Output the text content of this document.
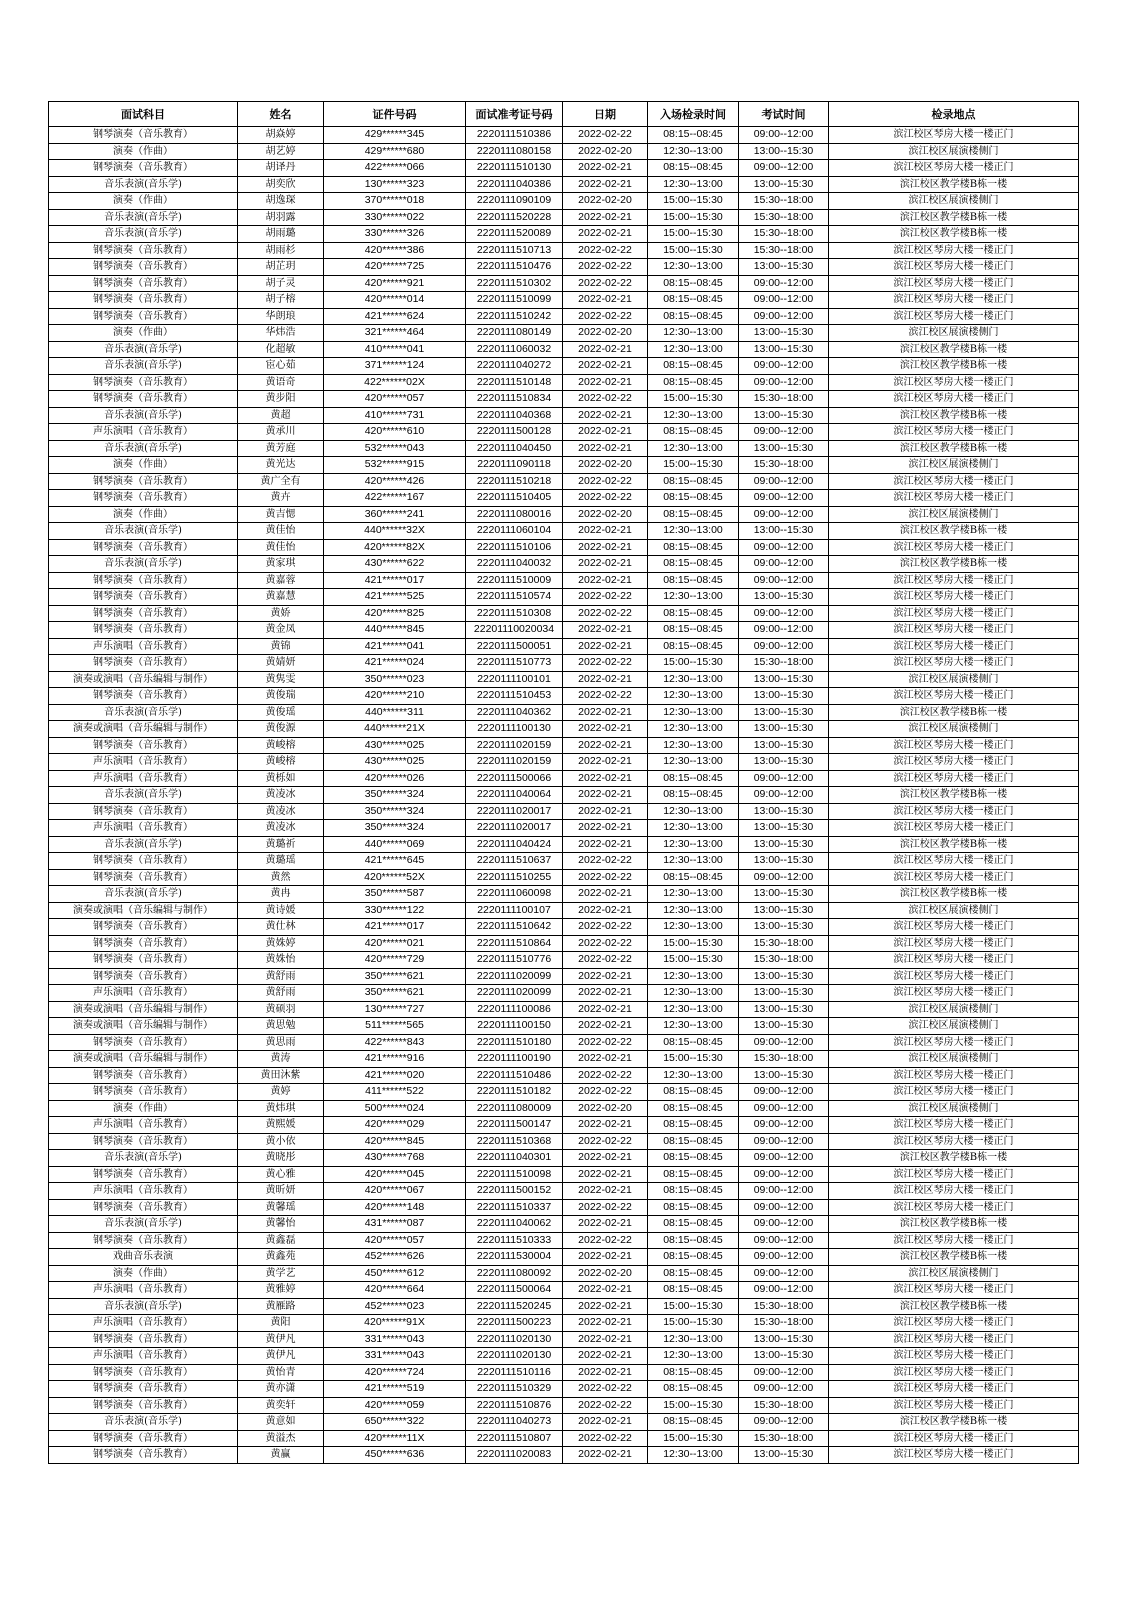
面试科目	姓名	证件号码	面试准考证号码	日期	入场检录时间	考试时间	检录地点
钢琴演奏（音乐教育）	胡焱婷	429******345	2220111510386	2022-02-22	08:15--08:45	09:00--12:00	滨江校区琴房大楼一楼正门
演奏（作曲）	胡艺婷	429******680	2220111080158	2022-02-20	12:30--13:00	13:00--15:30	滨江校区展演楼侧门
钢琴演奏（音乐教育）	胡译丹	422******066	2220111510130	2022-02-21	08:15--08:45	09:00--12:00	滨江校区琴房大楼一楼正门
音乐表演(音乐学)	胡奕欣	130******323	2220111040386	2022-02-21	12:30--13:00	13:00--15:30	滨江校区教学楼B栋一楼
演奏（作曲）	胡逸琛	370******018	2220111090109	2022-02-20	15:00--15:30	15:30--18:00	滨江校区展演楼侧门
音乐表演(音乐学)	胡羽露	330******022	2220111520228	2022-02-21	15:00--15:30	15:30--18:00	滨江校区教学楼B栋一楼
音乐表演(音乐学)	胡雨璐	330******326	2220111520089	2022-02-21	15:00--15:30	15:30--18:00	滨江校区教学楼B栋一楼
钢琴演奏（音乐教育）	胡雨杉	420******386	2220111510713	2022-02-22	15:00--15:30	15:30--18:00	滨江校区琴房大楼一楼正门
钢琴演奏（音乐教育）	胡芷玥	420******725	2220111510476	2022-02-22	12:30--13:00	13:00--15:30	滨江校区琴房大楼一楼正门
钢琴演奏（音乐教育）	胡子灵	420******921	2220111510302	2022-02-22	08:15--08:45	09:00--12:00	滨江校区琴房大楼一楼正门
钢琴演奏（音乐教育）	胡子榕	420******014	2220111510099	2022-02-21	08:15--08:45	09:00--12:00	滨江校区琴房大楼一楼正门
钢琴演奏（音乐教育）	华朗琅	421******624	2220111510242	2022-02-22	08:15--08:45	09:00--12:00	滨江校区琴房大楼一楼正门
演奏（作曲）	华炜浩	321******464	2220111080149	2022-02-20	12:30--13:00	13:00--15:30	滨江校区展演楼侧门
音乐表演(音乐学)	化超敏	410******041	2220111060032	2022-02-21	12:30--13:00	13:00--15:30	滨江校区教学楼B栋一楼
音乐表演(音乐学)	宦心茹	371******124	2220111040272	2022-02-21	08:15--08:45	09:00--12:00	滨江校区教学楼B栋一楼
钢琴演奏（音乐教育）	黄语奇	422******02X	2220111510148	2022-02-21	08:15--08:45	09:00--12:00	滨江校区琴房大楼一楼正门
钢琴演奏（音乐教育）	黄步阳	420******057	2220111510834	2022-02-22	15:00--15:30	15:30--18:00	滨江校区琴房大楼一楼正门
音乐表演(音乐学)	黄超	410******731	2220111040368	2022-02-21	12:30--13:00	13:00--15:30	滨江校区教学楼B栋一楼
声乐演唱（音乐教育）	黄承川	420******610	2220111500128	2022-02-21	08:15--08:45	09:00--12:00	滨江校区琴房大楼一楼正门
音乐表演(音乐学)	黄芳庭	532******043	2220111040450	2022-02-21	12:30--13:00	13:00--15:30	滨江校区教学楼B栋一楼
演奏（作曲）	黄光达	532******915	2220111090118	2022-02-20	15:00--15:30	15:30--18:00	滨江校区展演楼侧门
钢琴演奏（音乐教育）	黄广全有	420******426	2220111510218	2022-02-22	08:15--08:45	09:00--12:00	滨江校区琴房大楼一楼正门
钢琴演奏（音乐教育）	黄卉	422******167	2220111510405	2022-02-22	08:15--08:45	09:00--12:00	滨江校区琴房大楼一楼正门
演奏（作曲）	黄吉愢	360******241	2220111080016	2022-02-20	08:15--08:45	09:00--12:00	滨江校区展演楼侧门
音乐表演(音乐学)	黄佳怡	440******32X	2220111060104	2022-02-21	12:30--13:00	13:00--15:30	滨江校区教学楼B栋一楼
钢琴演奏（音乐教育）	黄佳怡	420******82X	2220111510106	2022-02-21	08:15--08:45	09:00--12:00	滨江校区琴房大楼一楼正门
音乐表演(音乐学)	黄家琪	430******622	2220111040032	2022-02-21	08:15--08:45	09:00--12:00	滨江校区教学楼B栋一楼
钢琴演奏（音乐教育）	黄嘉蓉	421******017	2220111510009	2022-02-21	08:15--08:45	09:00--12:00	滨江校区琴房大楼一楼正门
钢琴演奏（音乐教育）	黄嘉慧	421******525	2220111510574	2022-02-22	12:30--13:00	13:00--15:30	滨江校区琴房大楼一楼正门
钢琴演奏（音乐教育）	黄娇	420******825	2220111510308	2022-02-22	08:15--08:45	09:00--12:00	滨江校区琴房大楼一楼正门
钢琴演奏（音乐教育）	黄金凤	440******845	22201110020034	2022-02-21	08:15--08:45	09:00--12:00	滨江校区琴房大楼一楼正门
声乐演唱（音乐教育）	黄锦	421******041	2220111500051	2022-02-21	08:15--08:45	09:00--12:00	滨江校区琴房大楼一楼正门
钢琴演奏（音乐教育）	黄婧妍	421******024	2220111510773	2022-02-22	15:00--15:30	15:30--18:00	滨江校区琴房大楼一楼正门
演奏或演唱（音乐编辑与制作）	黄隽雯	350******023	2220111100101	2022-02-21	12:30--13:00	13:00--15:30	滨江校区展演楼侧门
钢琴演奏（音乐教育）	黄俊瑞	420******210	2220111510453	2022-02-22	12:30--13:00	13:00--15:30	滨江校区琴房大楼一楼正门
音乐表演(音乐学)	黄俊瑶	440******311	2220111040362	2022-02-21	12:30--13:00	13:00--15:30	滨江校区教学楼B栋一楼
演奏或演唱（音乐编辑与制作）	黄俊源	440******21X	2220111100130	2022-02-21	12:30--13:00	13:00--15:30	滨江校区展演楼侧门
钢琴演奏（音乐教育）	黄峻榕	430******025	2220111020159	2022-02-21	12:30--13:00	13:00--15:30	滨江校区琴房大楼一楼正门
声乐演唱（音乐教育）	黄峻榕	430******025	2220111020159	2022-02-21	12:30--13:00	13:00--15:30	滨江校区琴房大楼一楼正门
声乐演唱（音乐教育）	黄栎如	420******026	2220111500066	2022-02-21	08:15--08:45	09:00--12:00	滨江校区琴房大楼一楼正门
音乐表演(音乐学)	黄凌冰	350******324	2220111040064	2022-02-21	08:15--08:45	09:00--12:00	滨江校区教学楼B栋一楼
钢琴演奏（音乐教育）	黄凌冰	350******324	2220111020017	2022-02-21	12:30--13:00	13:00--15:30	滨江校区琴房大楼一楼正门
声乐演唱（音乐教育）	黄凌冰	350******324	2220111020017	2022-02-21	12:30--13:00	13:00--15:30	滨江校区琴房大楼一楼正门
音乐表演(音乐学)	黄璐祈	440******069	2220111040424	2022-02-21	12:30--13:00	13:00--15:30	滨江校区教学楼B栋一楼
钢琴演奏（音乐教育）	黄璐瑶	421******645	2220111510637	2022-02-22	12:30--13:00	13:00--15:30	滨江校区琴房大楼一楼正门
钢琴演奏（音乐教育）	黄然	420******52X	2220111510255	2022-02-22	08:15--08:45	09:00--12:00	滨江校区琴房大楼一楼正门
音乐表演(音乐学)	黄冉	350******587	2220111060098	2022-02-21	12:30--13:00	13:00--15:30	滨江校区教学楼B栋一楼
演奏或演唱（音乐编辑与制作）	黄诗媛	330******122	2220111100107	2022-02-21	12:30--13:00	13:00--15:30	滨江校区展演楼侧门
钢琴演奏（音乐教育）	黄仕林	421******017	2220111510642	2022-02-22	12:30--13:00	13:00--15:30	滨江校区琴房大楼一楼正门
钢琴演奏（音乐教育）	黄姝婷	420******021	2220111510864	2022-02-22	15:00--15:30	15:30--18:00	滨江校区琴房大楼一楼正门
钢琴演奏（音乐教育）	黄姝怡	420******729	2220111510776	2022-02-22	15:00--15:30	15:30--18:00	滨江校区琴房大楼一楼正门
钢琴演奏（音乐教育）	黄舒雨	350******621	2220111020099	2022-02-21	12:30--13:00	13:00--15:30	滨江校区琴房大楼一楼正门
声乐演唱（音乐教育）	黄舒雨	350******621	2220111020099	2022-02-21	12:30--13:00	13:00--15:30	滨江校区琴房大楼一楼正门
演奏或演唱（音乐编辑与制作）	黄硕羽	130******727	2220111100086	2022-02-21	12:30--13:00	13:00--15:30	滨江校区展演楼侧门
演奏或演唱（音乐编辑与制作）	黄思勉	511******565	2220111100150	2022-02-21	12:30--13:00	13:00--15:30	滨江校区展演楼侧门
钢琴演奏（音乐教育）	黄思雨	422******843	2220111510180	2022-02-22	08:15--08:45	09:00--12:00	滨江校区琴房大楼一楼正门
演奏或演唱（音乐编辑与制作）	黄涛	421******916	2220111100190	2022-02-21	15:00--15:30	15:30--18:00	滨江校区展演楼侧门
钢琴演奏（音乐教育）	黄田沐紫	421******020	2220111510486	2022-02-22	12:30--13:00	13:00--15:30	滨江校区琴房大楼一楼正门
钢琴演奏（音乐教育）	黄婷	411******522	2220111510182	2022-02-22	08:15--08:45	09:00--12:00	滨江校区琴房大楼一楼正门
演奏（作曲）	黄炜琪	500******024	2220111080009	2022-02-20	08:15--08:45	09:00--12:00	滨江校区展演楼侧门
声乐演唱（音乐教育）	黄熙媛	420******029	2220111500147	2022-02-21	08:15--08:45	09:00--12:00	滨江校区琴房大楼一楼正门
钢琴演奏（音乐教育）	黄小依	420******845	2220111510368	2022-02-22	08:15--08:45	09:00--12:00	滨江校区琴房大楼一楼正门
音乐表演(音乐学)	黄晓彤	430******768	2220111040301	2022-02-21	08:15--08:45	09:00--12:00	滨江校区教学楼B栋一楼
钢琴演奏（音乐教育）	黄心雅	420******045	2220111510098	2022-02-21	08:15--08:45	09:00--12:00	滨江校区琴房大楼一楼正门
声乐演唱（音乐教育）	黄昕妍	420******067	2220111500152	2022-02-21	08:15--08:45	09:00--12:00	滨江校区琴房大楼一楼正门
钢琴演奏（音乐教育）	黄馨瑶	420******148	2220111510337	2022-02-22	08:15--08:45	09:00--12:00	滨江校区琴房大楼一楼正门
音乐表演(音乐学)	黄馨怡	431******087	2220111040062	2022-02-21	08:15--08:45	09:00--12:00	滨江校区教学楼B栋一楼
钢琴演奏（音乐教育）	黄鑫磊	420******057	2220111510333	2022-02-22	08:15--08:45	09:00--12:00	滨江校区琴房大楼一楼正门
戏曲音乐表演	黄鑫苑	452******626	2220111530004	2022-02-21	08:15--08:45	09:00--12:00	滨江校区教学楼B栋一楼
演奏（作曲）	黄学艺	450******612	2220111080092	2022-02-20	08:15--08:45	09:00--12:00	滨江校区展演楼侧门
声乐演唱（音乐教育）	黄雅婷	420******664	2220111500064	2022-02-21	08:15--08:45	09:00--12:00	滨江校区琴房大楼一楼正门
音乐表演(音乐学)	黄雁路	452******023	2220111520245	2022-02-21	15:00--15:30	15:30--18:00	滨江校区教学楼B栋一楼
声乐演唱（音乐教育）	黄阳	420******91X	2220111500223	2022-02-21	15:00--15:30	15:30--18:00	滨江校区琴房大楼一楼正门
钢琴演奏（音乐教育）	黄伊凡	331******043	2220111020130	2022-02-21	12:30--13:00	13:00--15:30	滨江校区琴房大楼一楼正门
声乐演唱（音乐教育）	黄伊凡	331******043	2220111020130	2022-02-21	12:30--13:00	13:00--15:30	滨江校区琴房大楼一楼正门
钢琴演奏（音乐教育）	黄怡青	420******724	2220111510116	2022-02-21	08:15--08:45	09:00--12:00	滨江校区琴房大楼一楼正门
钢琴演奏（音乐教育）	黄亦潇	421******519	2220111510329	2022-02-22	08:15--08:45	09:00--12:00	滨江校区琴房大楼一楼正门
钢琴演奏（音乐教育）	黄奕轩	420******059	2220111510876	2022-02-22	15:00--15:30	15:30--18:00	滨江校区琴房大楼一楼正门
音乐表演(音乐学)	黄意如	650******322	2220111040273	2022-02-21	08:15--08:45	09:00--12:00	滨江校区教学楼B栋一楼
钢琴演奏（音乐教育）	黄溢杰	420******11X	2220111510807	2022-02-22	15:00--15:30	15:30--18:00	滨江校区琴房大楼一楼正门
钢琴演奏（音乐教育）	黄赢	450******636	2220111020083	2022-02-21	12:30--13:00	13:00--15:30	滨江校区琴房大楼一楼正门
